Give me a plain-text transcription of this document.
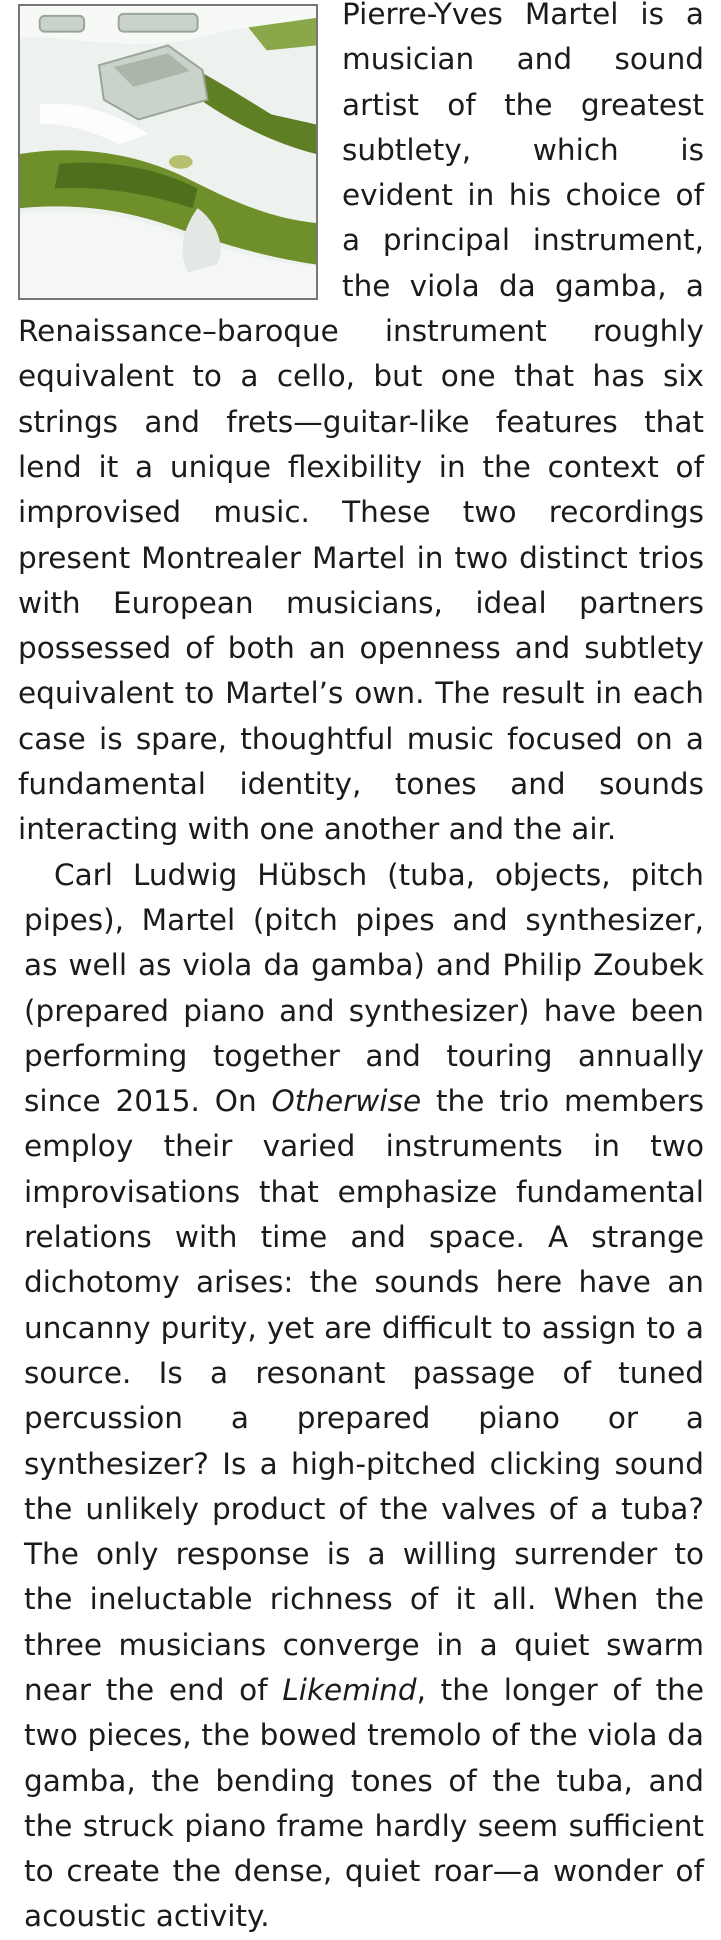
Pierre-Yves Martel is a musician and sound artist of the greatest subtlety, which is evident in his choice of a principal instrument, the viola da gamba, a Renaissance–baroque instrument roughly equivalent to a cello, but one that has six strings and frets—guitar-like features that lend it a unique flexibility in the context of improvised music. These two recordings present Montrealer Martel in two distinct trios with European musicians, ideal partners possessed of both an openness and subtlety equivalent to Martel’s own. The result in each case is spare, thoughtful music focused on a fundamental identity, tones and sounds interacting with one another and the air.

Carl Ludwig Hübsch (tuba, objects, pitch pipes), Martel (pitch pipes and synthesizer, as well as viola da gamba) and Philip Zoubek (prepared piano and synthesizer) have been performing together and touring annually since 2015. On Otherwise the trio members employ their varied instruments in two improvisations that emphasize fundamental relations with time and space. A strange dichotomy arises: the sounds here have an uncanny purity, yet are difficult to assign to a source. Is a resonant passage of tuned percussion a prepared piano or a synthesizer? Is a high-pitched clicking sound the unlikely product of the valves of a tuba? The only response is a willing surrender to the ineluctable richness of it all. When the three musicians converge in a quiet swarm near the end of Likemind, the longer of the two pieces, the bowed tremolo of the viola da gamba, the bending tones of the tuba, and the struck piano frame hardly seem sufficient to create the dense, quiet roar—a wonder of acoustic activity.
